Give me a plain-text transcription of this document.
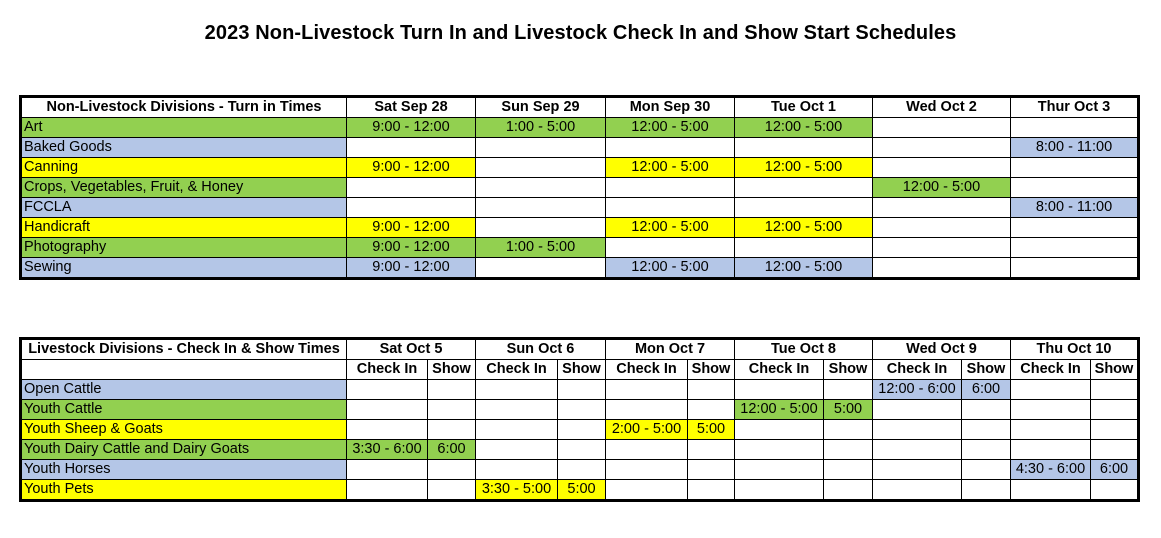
2023 Non-Livestock Turn In and Livestock Check In and Show Start Schedules
Non-Livestock Divisions - Turn in Times	Sat Sep 28	Sun Sep 29	Mon Sep 30	Tue Oct 1	Wed Oct 2	Thur Oct 3
Art	9:00 - 12:00	1:00 - 5:00	12:00 - 5:00	12:00 - 5:00		
Baked Goods						8:00 - 11:00
Canning	9:00 - 12:00		12:00 - 5:00	12:00 - 5:00		
Crops, Vegetables, Fruit, & Honey					12:00 - 5:00	
FCCLA						8:00 - 11:00
Handicraft	9:00 - 12:00		12:00 - 5:00	12:00 - 5:00		
Photography	9:00 - 12:00	1:00 - 5:00				
Sewing	9:00 - 12:00		12:00 - 5:00	12:00 - 5:00		
Livestock Divisions - Check In & Show Times	Sat Oct 5		Sun Oct 6		Mon Oct 7		Tue Oct 8		Wed Oct 9		Thu Oct 10	
	Check In	Show	Check In	Show	Check In	Show	Check In	Show	Check In	Show	Check In	Show
Open Cattle									12:00 - 6:00	6:00		
Youth Cattle							12:00 - 5:00	5:00				
Youth Sheep & Goats					2:00 - 5:00	5:00						
Youth Dairy Cattle and Dairy Goats	3:30 - 6:00	6:00										
Youth Horses											4:30 - 6:00	6:00
Youth Pets			3:30 - 5:00	5:00								
